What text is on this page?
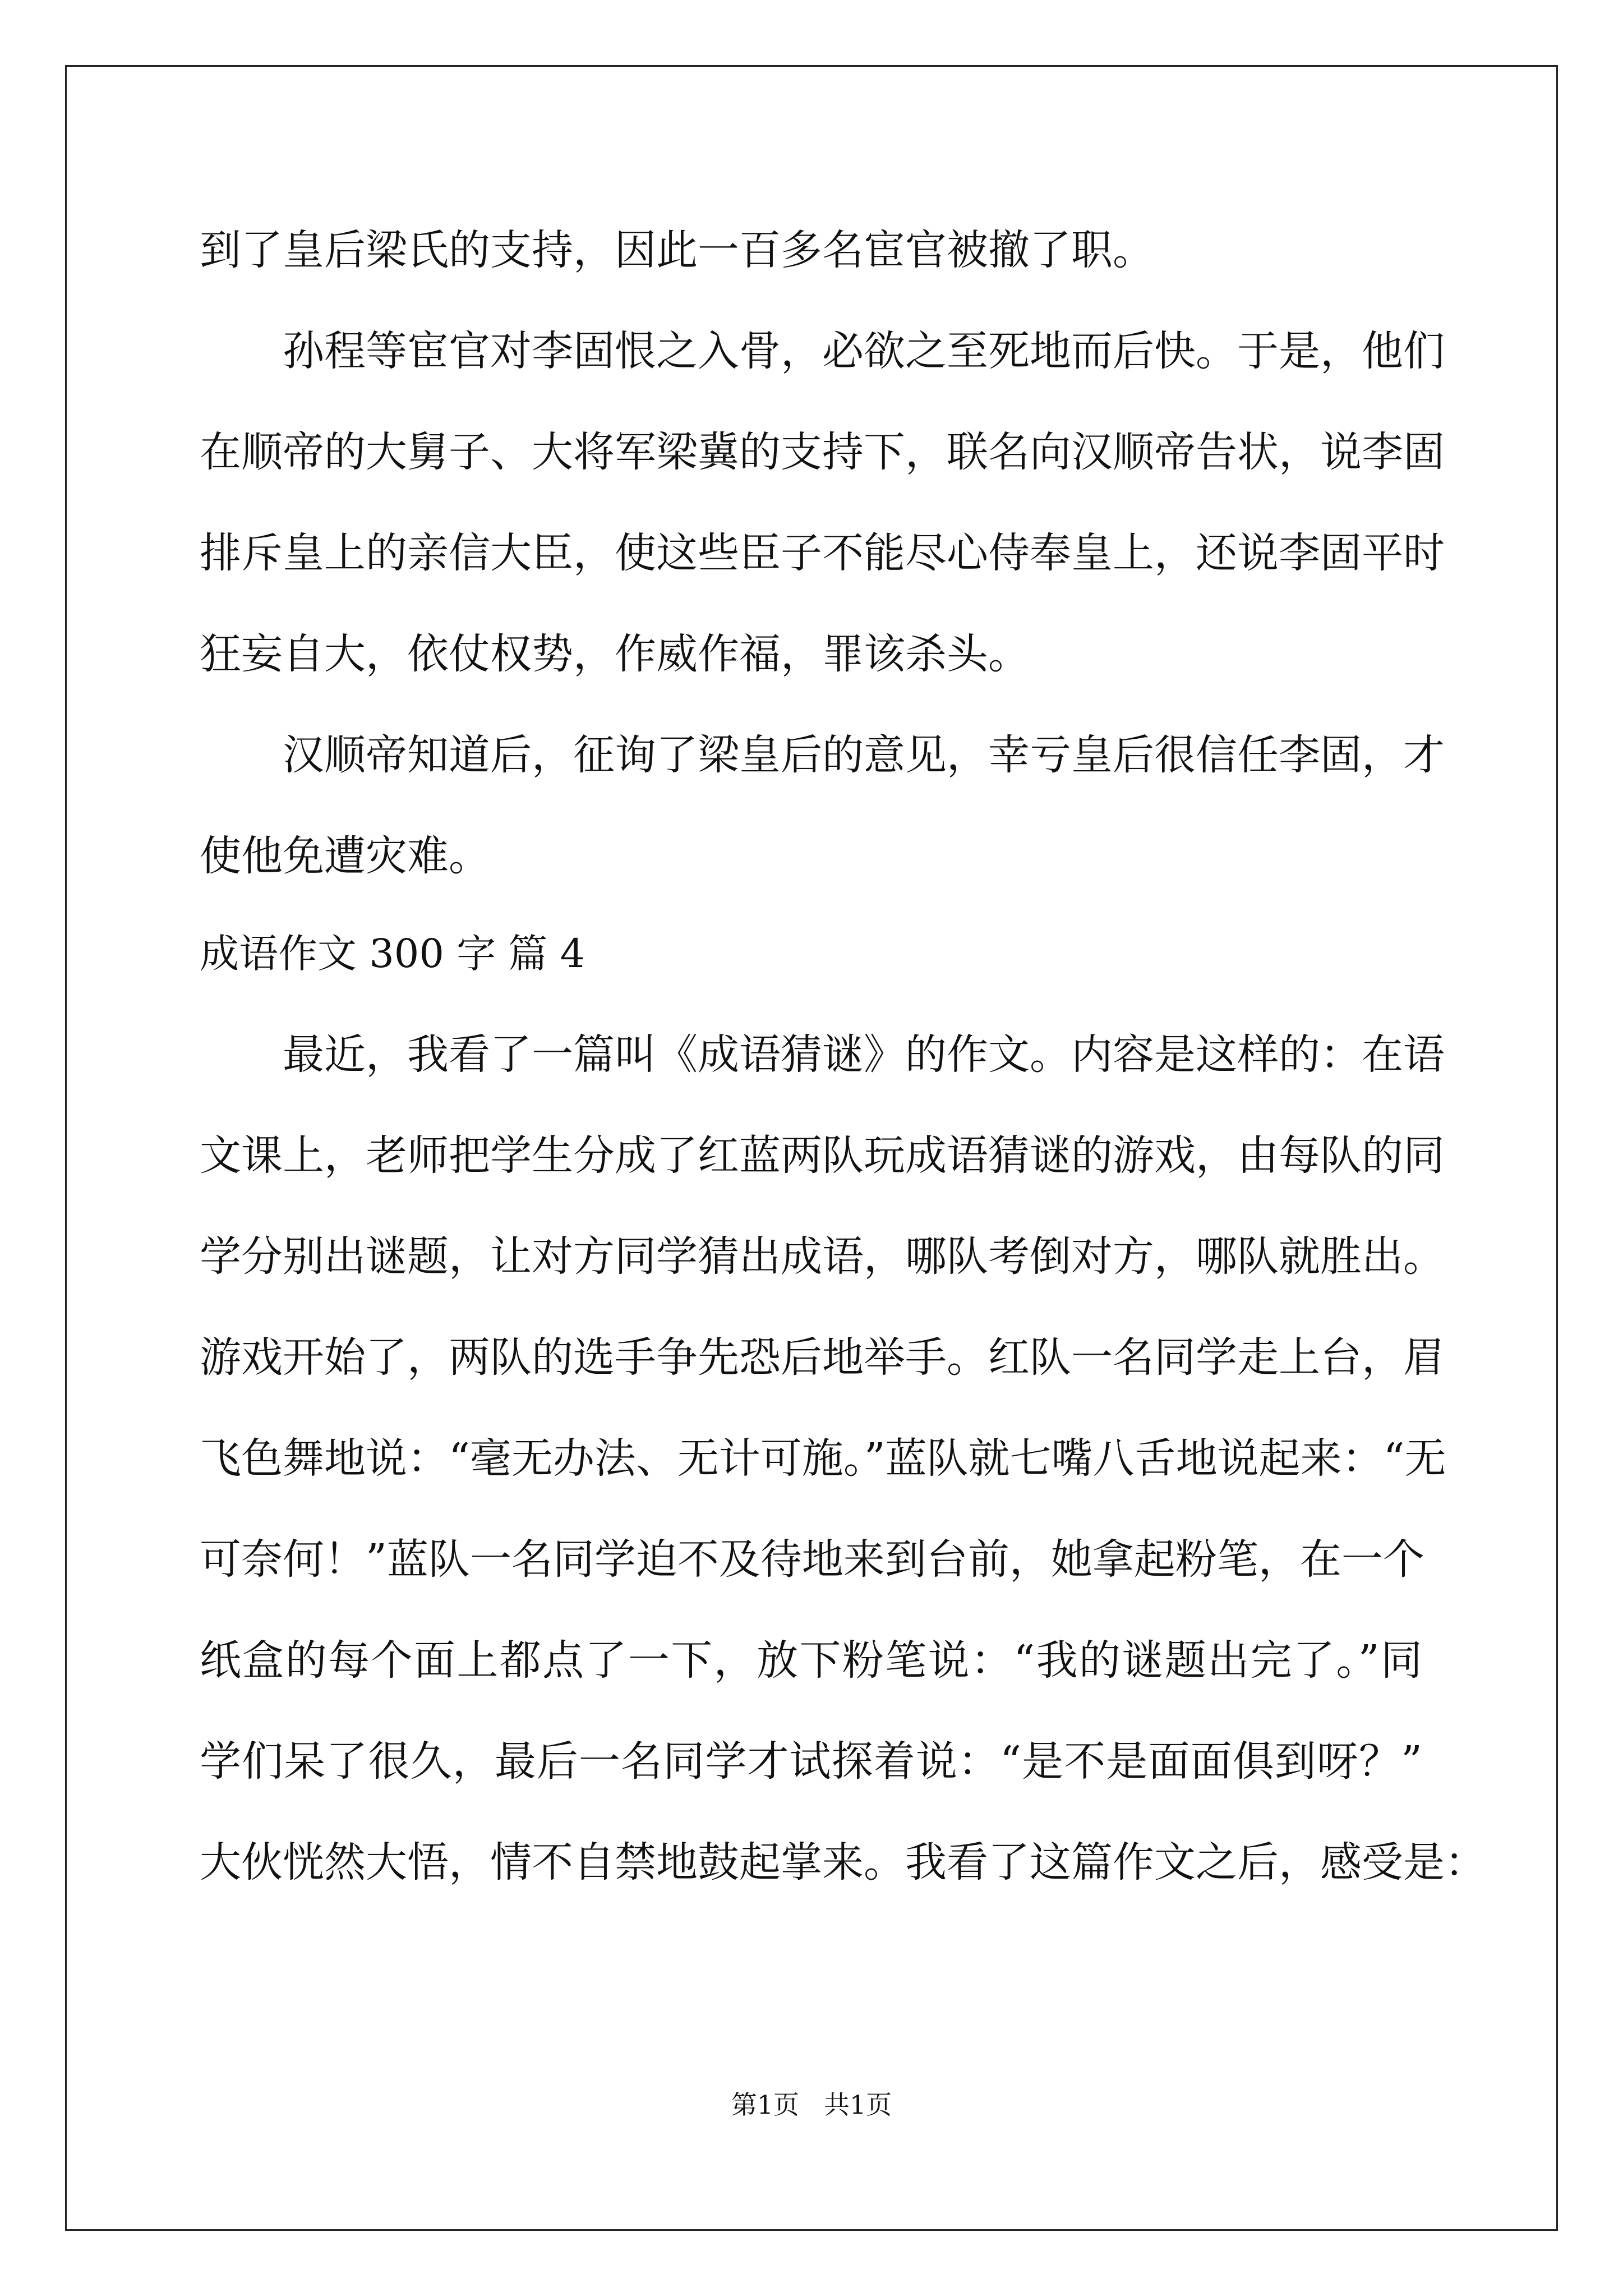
到了皇后梁氏的支持，因此一百多名宦官被撤了职。

孙程等宦官对李固恨之入骨，必欲之至死地而后快。于是，他们

在顺帝的大舅子、大将军梁冀的支持下，联名向汉顺帝告状，说李固

排斥皇上的亲信大臣，使这些臣子不能尽心侍奉皇上，还说李固平时

狂妄自大，依仗权势，作威作福，罪该杀头。

汉顺帝知道后，征询了梁皇后的意见，幸亏皇后很信任李固，才

使他免遭灾难。

成语作文 300 字 篇 4

最近，我看了一篇叫《成语猜谜》的作文。内容是这样的：在语

文课上，老师把学生分成了红蓝两队玩成语猜谜的游戏，由每队的同

学分别出谜题，让对方同学猜出成语，哪队考倒对方，哪队就胜出。

游戏开始了，两队的选手争先恐后地举手。红队一名同学走上台，眉

飞色舞地说：“毫无办法、无计可施。”蓝队就七嘴八舌地说起来：“无

可奈何！”蓝队一名同学迫不及待地来到台前，她拿起粉笔，在一个

纸盒的每个面上都点了一下，放下粉笔说：“我的谜题出完了。”同

学们呆了很久，最后一名同学才试探着说：“是不是面面俱到呀？”

大伙恍然大悟，情不自禁地鼓起掌来。我看了这篇作文之后，感受是：

第1页 共1页
